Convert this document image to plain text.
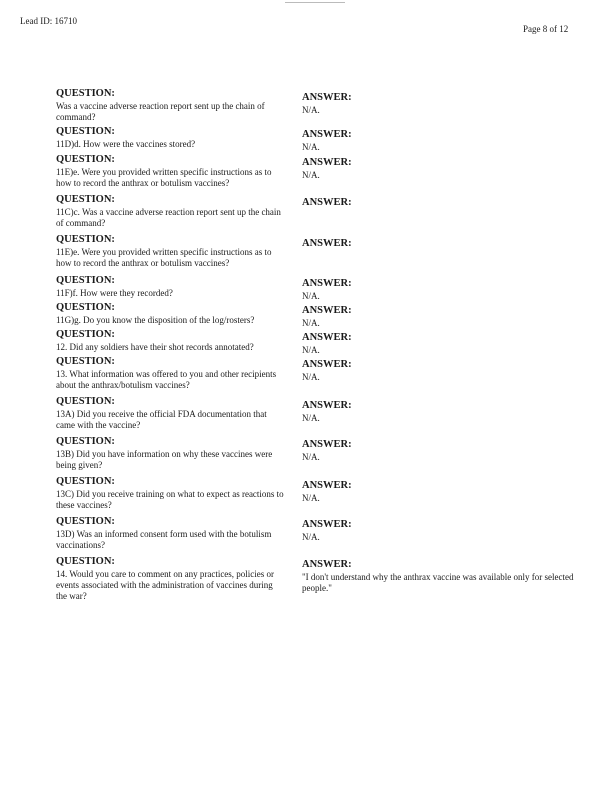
Lead ID: 16710
Page 8 of 12
QUESTION:
Was a vaccine adverse reaction report sent up the chain of command?
ANSWER:
N/A.
QUESTION:
11D)d. How were the vaccines stored?
ANSWER:
N/A.
QUESTION:
11E)e. Were you provided written specific instructions as to how to record the anthrax or botulism vaccines?
ANSWER:
N/A.
QUESTION:
11C)c. Was a vaccine adverse reaction report sent up the chain of command?
ANSWER:
QUESTION:
11E)e. Were you provided written specific instructions as to how to record the anthrax or botulism vaccines?
ANSWER:
QUESTION:
11F)f. How were they recorded?
ANSWER:
N/A.
QUESTION:
11G)g. Do you know the disposition of the log/rosters?
ANSWER:
N/A.
QUESTION:
12. Did any soldiers have their shot records annotated?
ANSWER:
N/A.
QUESTION:
13. What information was offered to you and other recipients about the anthrax/botulism vaccines?
ANSWER:
N/A.
QUESTION:
13A) Did you receive the official FDA documentation that came with the vaccine?
ANSWER:
N/A.
QUESTION:
13B) Did you have information on why these vaccines were being given?
ANSWER:
N/A.
QUESTION:
13C) Did you receive training on what to expect as reactions to these vaccines?
ANSWER:
N/A.
QUESTION:
13D) Was an informed consent form used with the botulism vaccinations?
ANSWER:
N/A.
QUESTION:
14. Would you care to comment on any practices, policies or events associated with the administration of vaccines during the war?
ANSWER:
"I don't understand why the anthrax vaccine was available only for selected people."
